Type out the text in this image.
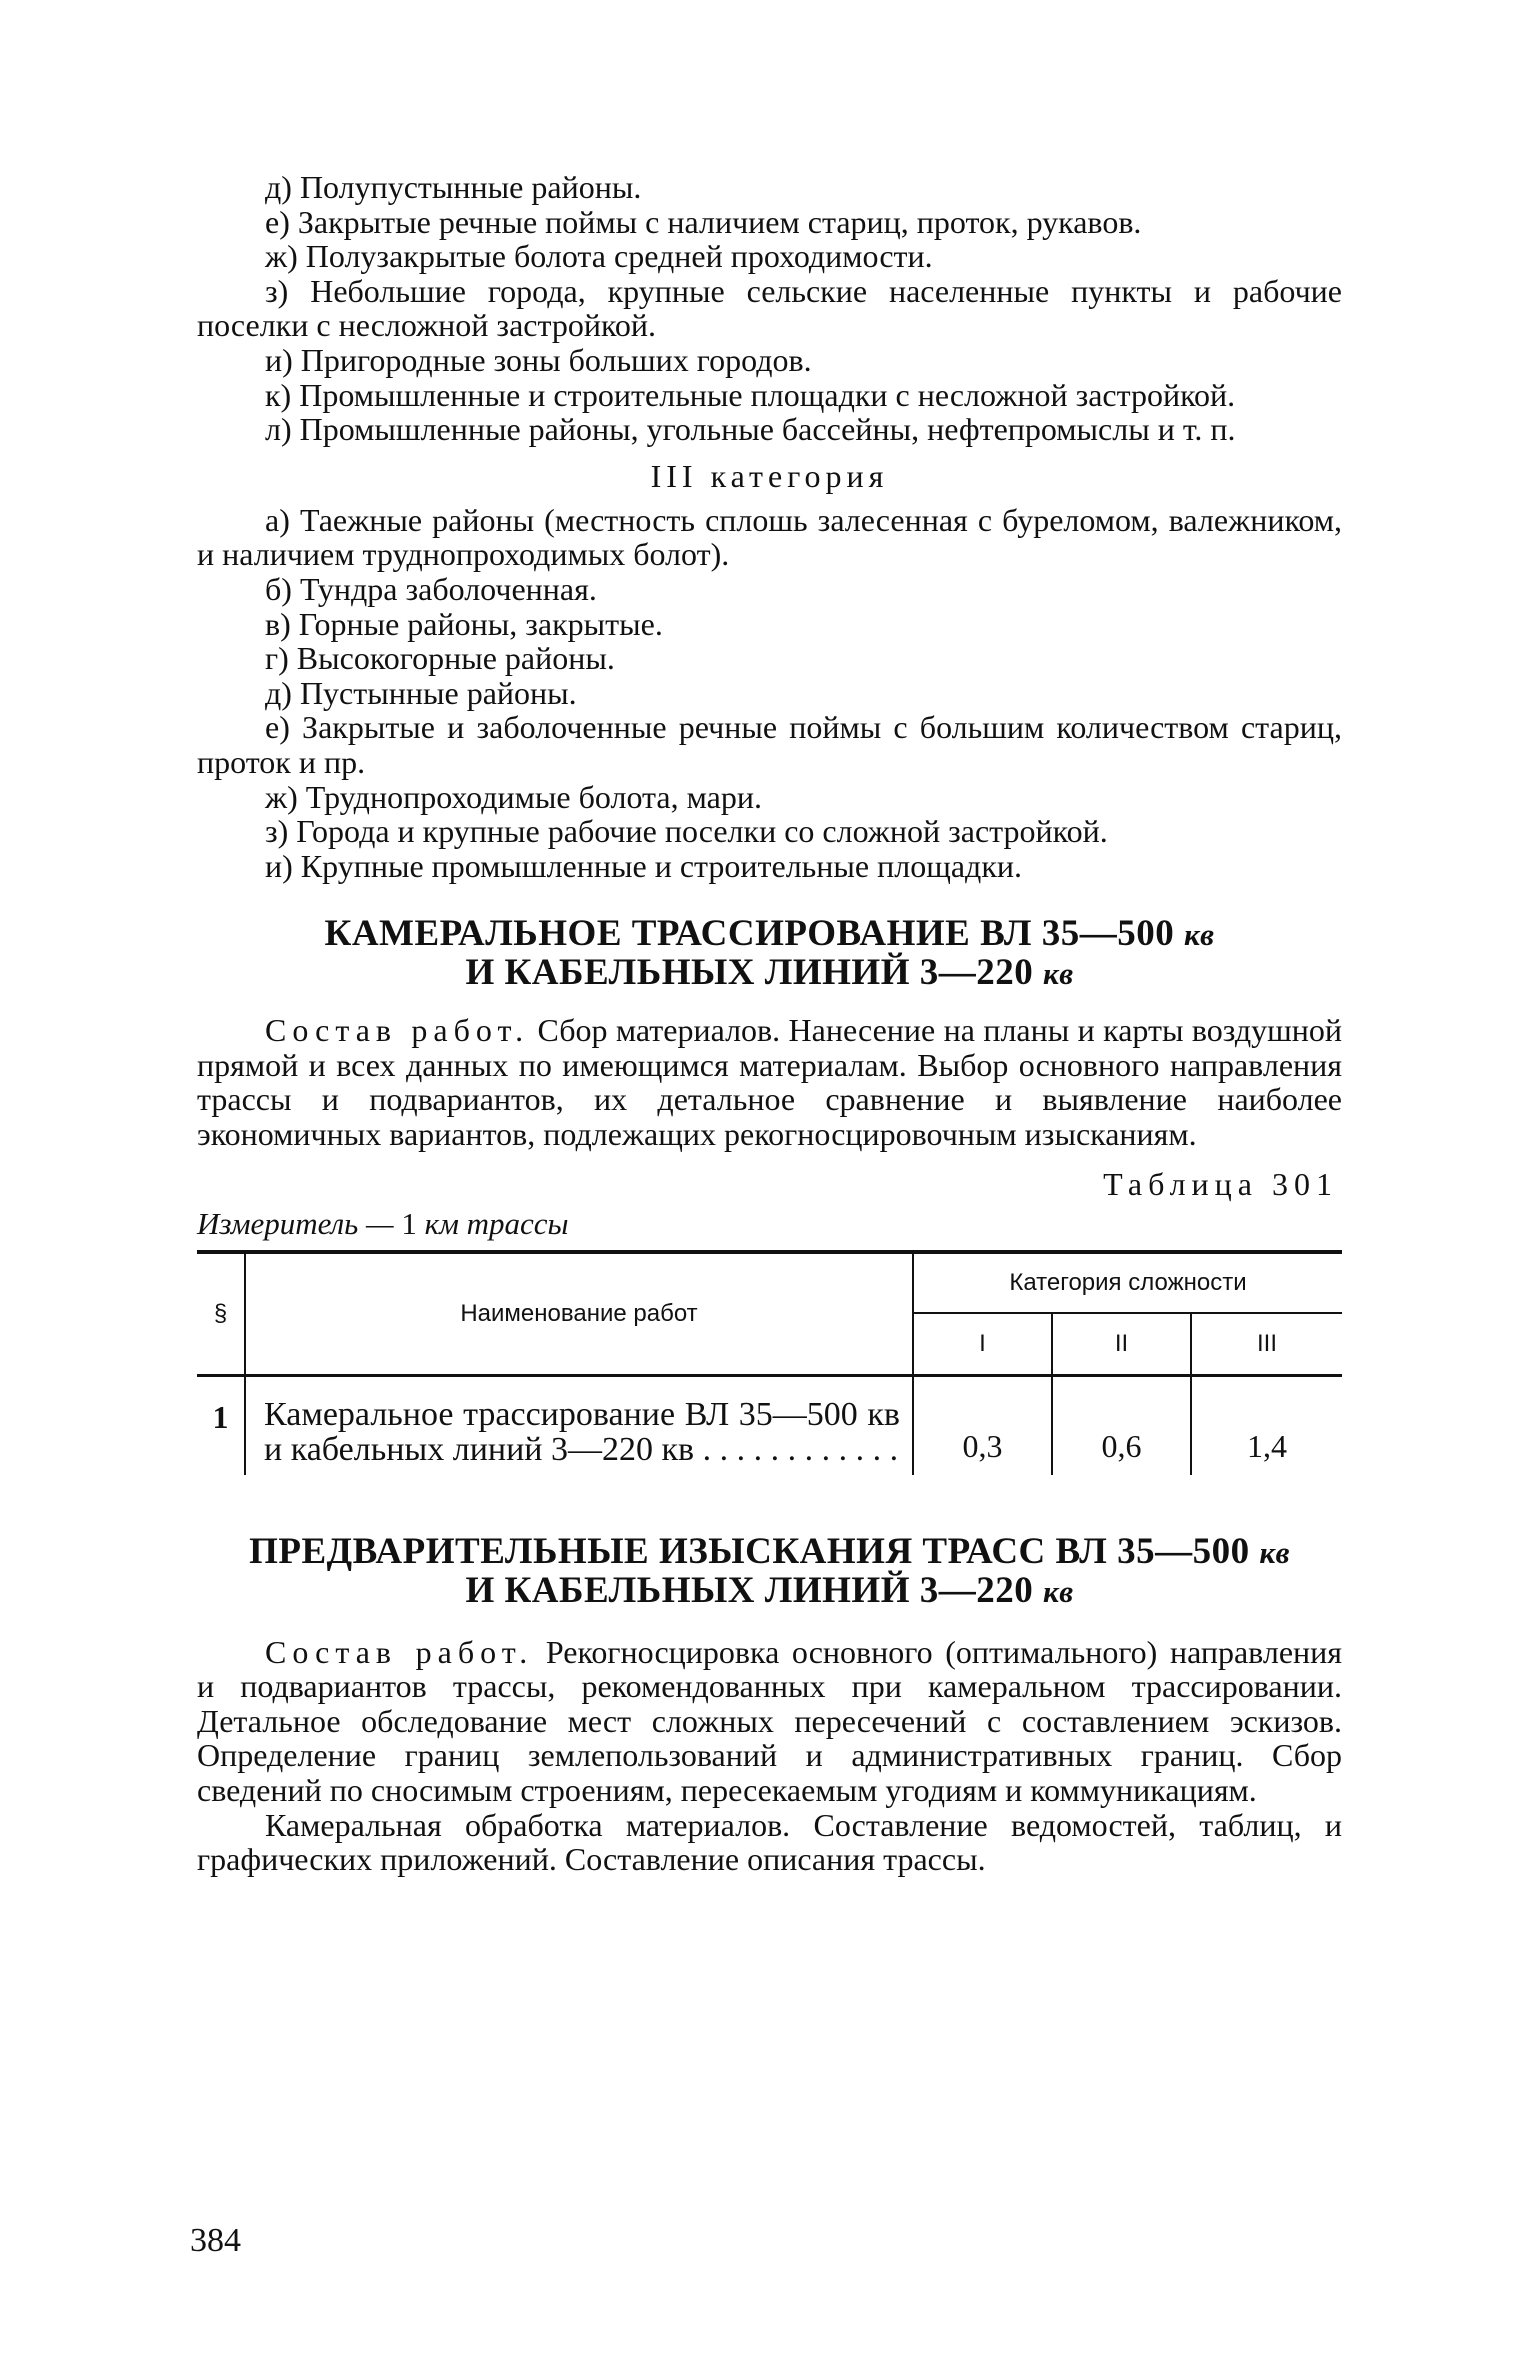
д) Полупустынные районы.

е) Закрытые речные поймы с наличием стариц, проток, рукавов.

ж) Полузакрытые болота средней проходимости.

з) Небольшие города, крупные сельские населенные пункты и рабочие поселки с несложной застройкой.

и) Пригородные зоны больших городов.

к) Промышленные и строительные площадки с несложной застройкой.

л) Промышленные районы, угольные бассейны, нефтепромыслы и т. п.

III категория

а) Таежные районы (местность сплошь залесенная с буреломом, валежником, и наличием труднопроходимых болот).

б) Тундра заболоченная.

в) Горные районы, закрытые.

г) Высокогорные районы.

д) Пустынные районы.

е) Закрытые и заболоченные речные поймы с большим количеством стариц, проток и пр.

ж) Труднопроходимые болота, мари.

з) Города и крупные рабочие поселки со сложной застройкой.

и) Крупные промышленные и строительные площадки.

КАМЕРАЛЬНОЕ ТРАССИРОВАНИЕ ВЛ 35—500 кв
И КАБЕЛЬНЫХ ЛИНИЙ 3—220 кв

Состав работ. Сбор материалов. Нанесение на планы и карты воздушной прямой и всех данных по имеющимся материалам. Выбор основного направления трассы и подвариантов, их детальное сравнение и выявление наиболее экономичных вариантов, подлежащих рекогносцировочным изысканиям.

Таблица 301
Измеритель — 1 км трассы
§	Наименование работ	Категория сложности		
		I	II	III
1	Камеральное трассирование ВЛ 35—500 кв и кабельных линий 3—220 кв . . . . . . . . . . . .	0,3	0,6	1,4
ПРЕДВАРИТЕЛЬНЫЕ ИЗЫСКАНИЯ ТРАСС ВЛ 35—500 кв
И КАБЕЛЬНЫХ ЛИНИЙ 3—220 кв

Состав работ. Рекогносцировка основного (оптимального) направления и подвариантов трассы, рекомендованных при камеральном трассировании. Детальное обследование мест сложных пересечений с составлением эскизов. Определение границ землепользований и административных границ. Сбор сведений по сносимым строениям, пересекаемым угодиям и коммуникациям.

Камеральная обработка материалов. Составление ведомостей, таблиц, и графических приложений. Составление описания трассы.

384
